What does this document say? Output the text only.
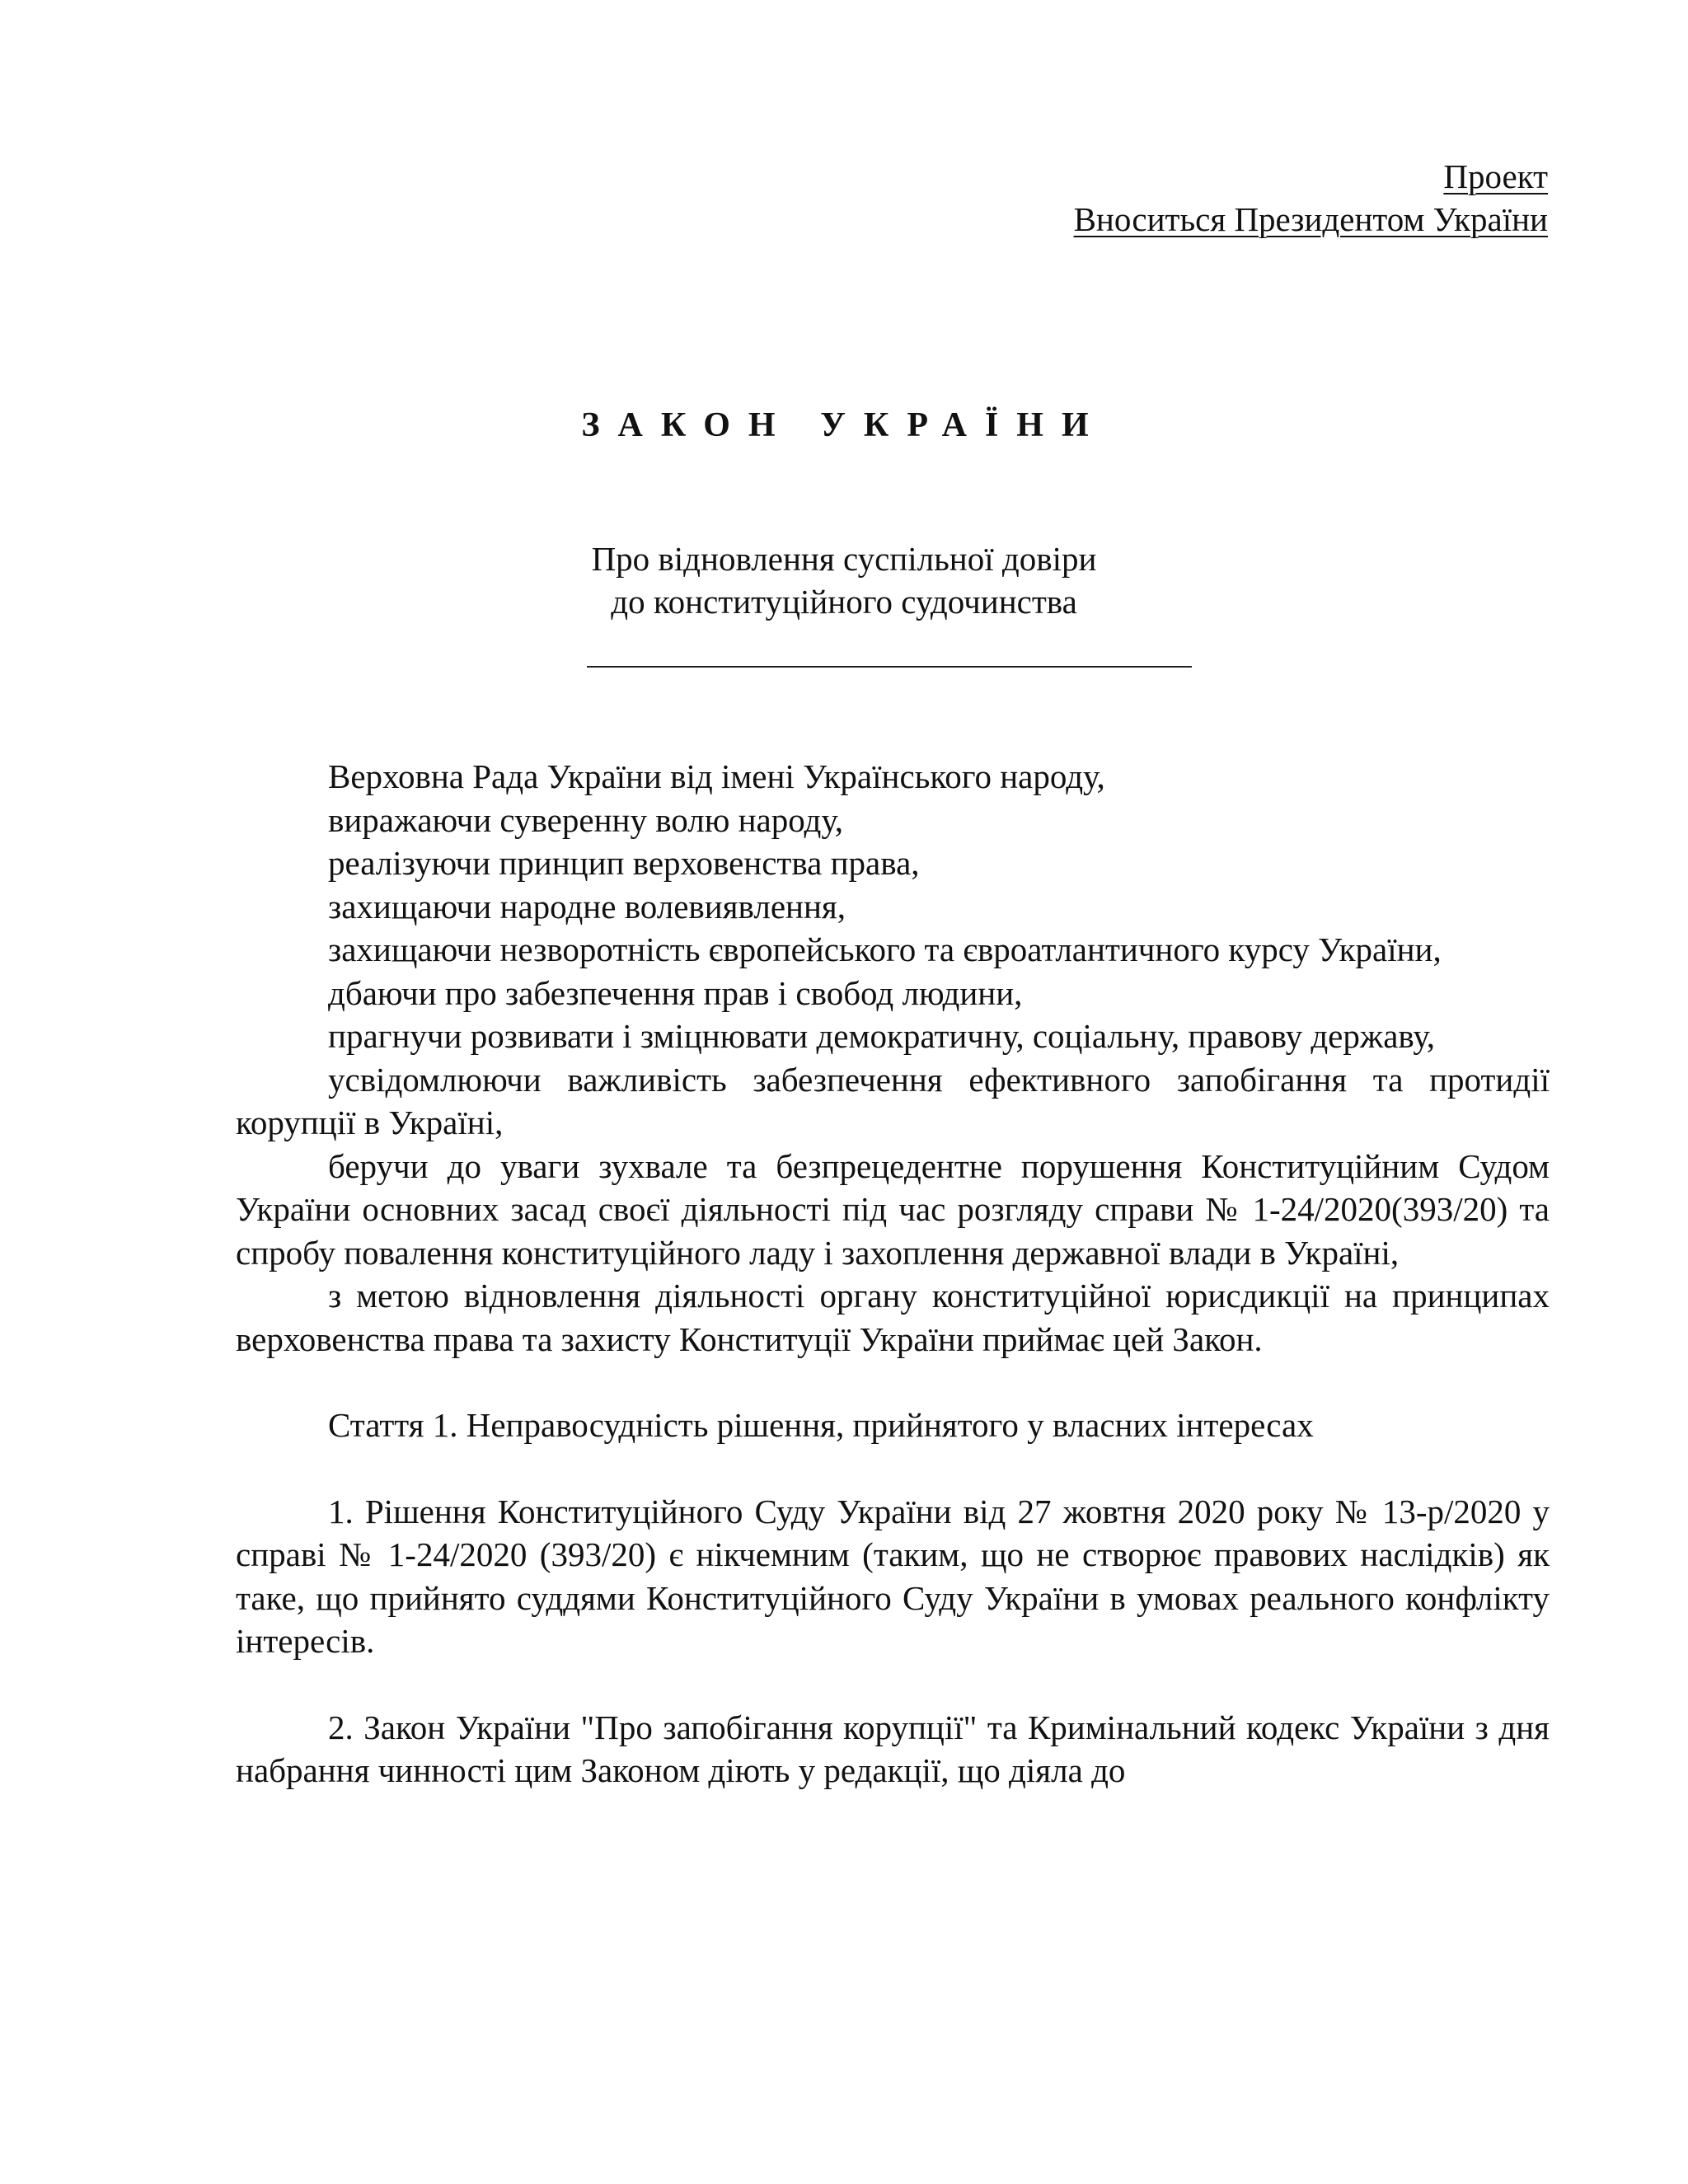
Проект
Вноситься Президентом України
ЗАКОН УКРАЇНИ
Про відновлення суспільної довіри
до конституційного судочинства

Верховна Рада України від імені Українського народу,

виражаючи суверенну волю народу,

реалізуючи принцип верховенства права,

захищаючи народне волевиявлення,

захищаючи незворотність європейського та євроатлантичного курсу України,

дбаючи про забезпечення прав і свобод людини,

прагнучи розвивати і зміцнювати демократичну, соціальну, правову державу,

усвідомлюючи важливість забезпечення ефективного запобігання та протидії корупції в Україні,

беручи до уваги зухвале та безпрецедентне порушення Конституційним Судом України основних засад своєї діяльності під час розгляду справи № 1-24/2020(393/20) та спробу повалення конституційного ладу і захоплення державної влади в Україні,

з метою відновлення діяльності органу конституційної юрисдикції на принципах верховенства права та захисту Конституції України приймає цей Закон.

Стаття 1. Неправосудність рішення, прийнятого у власних інтересах

1. Рішення Конституційного Суду України від 27 жовтня 2020 року № 13-р/2020 у справі № 1-24/2020 (393/20) є нікчемним (таким, що не створює правових наслідків) як таке, що прийнято суддями Конституційного Суду України в умовах реального конфлікту інтересів.

2. Закон України "Про запобігання корупції" та Кримінальний кодекс України з дня набрання чинності цим Законом діють у редакції, що діяла до
